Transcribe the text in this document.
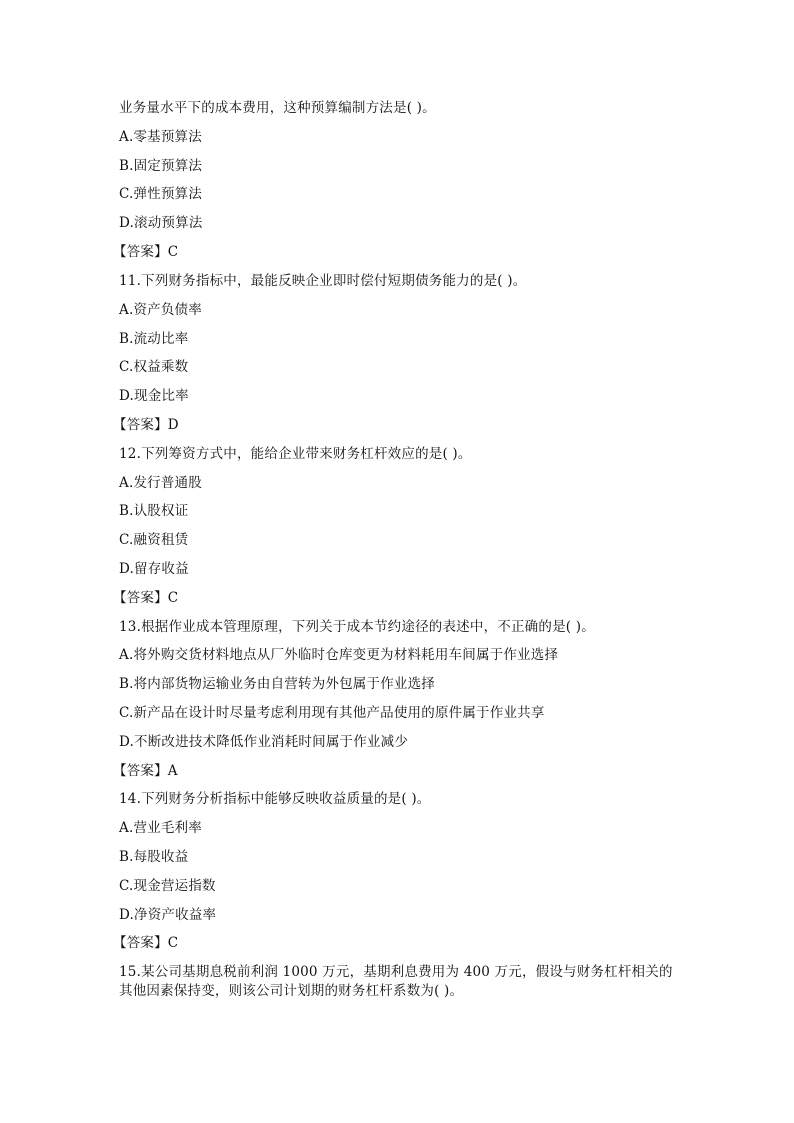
业务量水平下的成本费用，这种预算编制方法是( )。
A.零基预算法
B.固定预算法
C.弹性预算法
D.滚动预算法
【答案】C
11.下列财务指标中，最能反映企业即时偿付短期债务能力的是( )。
A.资产负债率
B.流动比率
C.权益乘数
D.现金比率
【答案】D
12.下列筹资方式中，能给企业带来财务杠杆效应的是( )。
A.发行普通股
B.认股权证
C.融资租赁
D.留存收益
【答案】C
13.根据作业成本管理原理，下列关于成本节约途径的表述中，不正确的是( )。
A.将外购交货材料地点从厂外临时仓库变更为材料耗用车间属于作业选择
B.将内部货物运输业务由自营转为外包属于作业选择
C.新产品在设计时尽量考虑利用现有其他产品使用的原件属于作业共享
D.不断改进技术降低作业消耗时间属于作业减少
【答案】A
14.下列财务分析指标中能够反映收益质量的是( )。
A.营业毛利率
B.每股收益
C.现金营运指数
D.净资产收益率
【答案】C
15.某公司基期息税前利润 1000 万元，基期利息费用为 400 万元，假设与财务杠杆相关的其他因素保持变，则该公司计划期的财务杠杆系数为( )。
